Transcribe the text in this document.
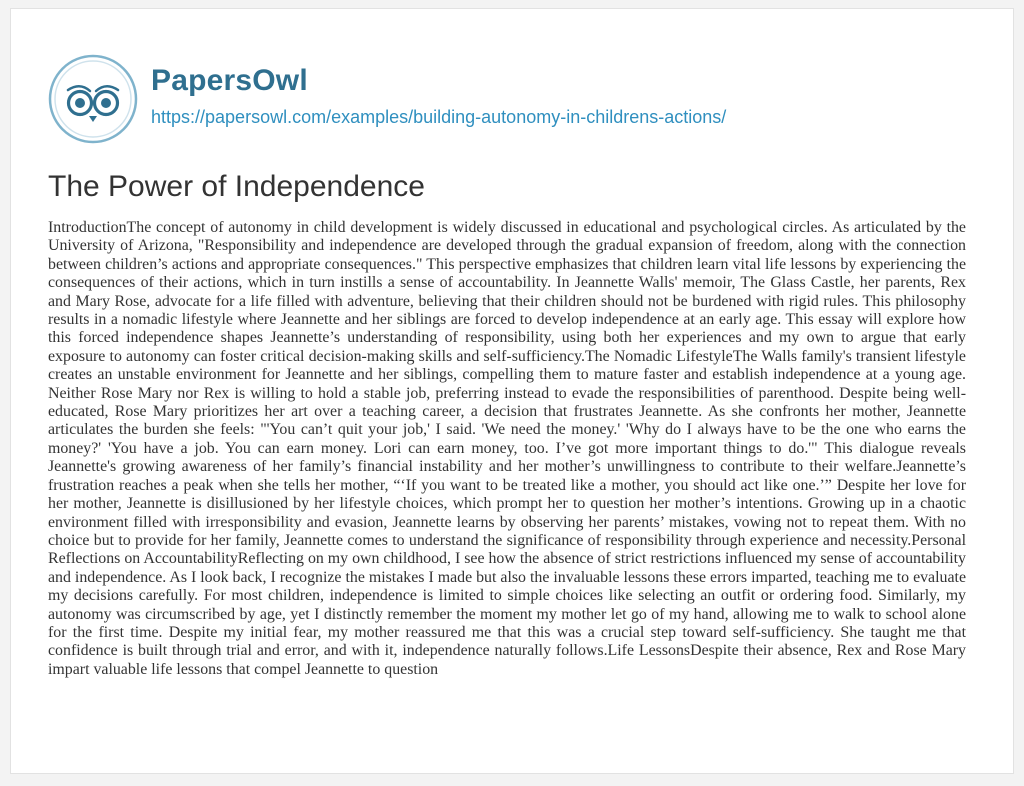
PapersOwl
https://papersowl.com/examples/building-autonomy-in-childrens-actions/
The Power of Independence

IntroductionThe concept of autonomy in child development is widely discussed in educational and psychological circles. As articulated by the University of Arizona, "Responsibility and independence are developed through the gradual expansion of freedom, along with the connection between children’s actions and appropriate consequences." This perspective emphasizes that children learn vital life lessons by experiencing the consequences of their actions, which in turn instills a sense of accountability. In Jeannette Walls' memoir, The Glass Castle, her parents, Rex and Mary Rose, advocate for a life filled with adventure, believing that their children should not be burdened with rigid rules. This philosophy results in a nomadic lifestyle where Jeannette and her siblings are forced to develop independence at an early age. This essay will explore how this forced independence shapes Jeannette’s understanding of responsibility, using both her experiences and my own to argue that early exposure to autonomy can foster critical decision-making skills and self-sufficiency.The Nomadic LifestyleThe Walls family's transient lifestyle creates an unstable environment for Jeannette and her siblings, compelling them to mature faster and establish independence at a young age. Neither Rose Mary nor Rex is willing to hold a stable job, preferring instead to evade the responsibilities of parenthood. Despite being well-educated, Rose Mary prioritizes her art over a teaching career, a decision that frustrates Jeannette. As she confronts her mother, Jeannette articulates the burden she feels: "'You can’t quit your job,' I said. 'We need the money.' 'Why do I always have to be the one who earns the money?' 'You have a job. You can earn money. Lori can earn money, too. I’ve got more important things to do.'" This dialogue reveals Jeannette's growing awareness of her family’s financial instability and her mother’s unwillingness to contribute to their welfare.Jeannette’s frustration reaches a peak when she tells her mother, “‘If you want to be treated like a mother, you should act like one.’” Despite her love for her mother, Jeannette is disillusioned by her lifestyle choices, which prompt her to question her mother’s intentions. Growing up in a chaotic environment filled with irresponsibility and evasion, Jeannette learns by observing her parents’ mistakes, vowing not to repeat them. With no choice but to provide for her family, Jeannette comes to understand the significance of responsibility through experience and necessity.Personal Reflections on AccountabilityReflecting on my own childhood, I see how the absence of strict restrictions influenced my sense of accountability and independence. As I look back, I recognize the mistakes I made but also the invaluable lessons these errors imparted, teaching me to evaluate my decisions carefully. For most children, independence is limited to simple choices like selecting an outfit or ordering food. Similarly, my autonomy was circumscribed by age, yet I distinctly remember the moment my mother let go of my hand, allowing me to walk to school alone for the first time. Despite my initial fear, my mother reassured me that this was a crucial step toward self-sufficiency. She taught me that confidence is built through trial and error, and with it, independence naturally follows.Life LessonsDespite their absence, Rex and Rose Mary impart valuable life lessons that compel Jeannette to question
